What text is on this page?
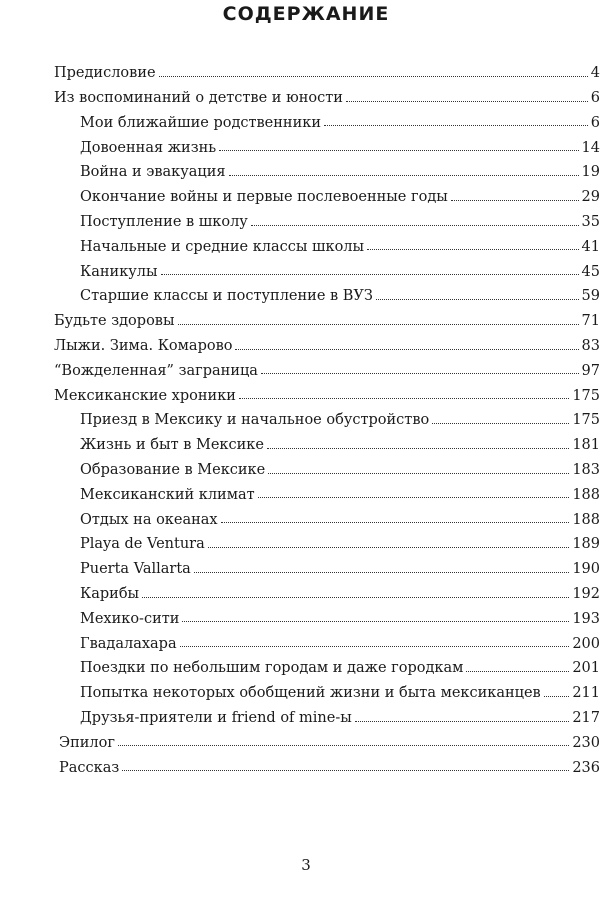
СОДЕРЖАНИЕ
Предисловие	4
Из воспоминаний о детстве и юности	6
Мои ближайшие родственники	6
Довоенная жизнь	14
Война и эвакуация	19
Окончание войны и первые послевоенные годы	29
Поступление в школу	35
Начальные и средние классы школы	41
Каникулы	45
Старшие классы и поступление в ВУЗ	59
Будьте здоровы	71
Лыжи. Зима. Комарово	83
“Вожделенная” заграница	97
Мексиканские хроники	175
Приезд в Мексику и начальное обустройство	175
Жизнь и быт в Мексике	181
Образование в Мексике	183
Мексиканский климат	188
Отдых на океанах	188
Playa de Ventura	189
Puerta Vallarta	190
Карибы	192
Мехико-сити	193
Гвадалахара	200
Поездки по небольшим городам и даже городкам	201
Попытка некоторых обобщений жизни и быта мексиканцев 211
Друзья-приятели и friend of mine-ы	217
Эпилог	230
Рассказ	236
3
